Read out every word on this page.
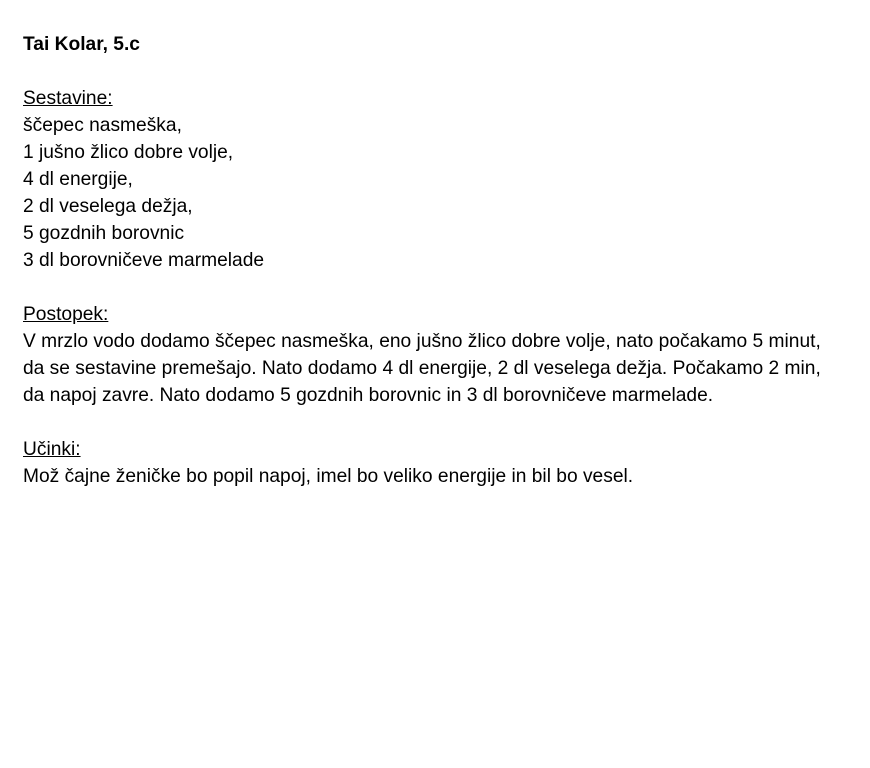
Tai Kolar, 5.c

Sestavine:

ščepec nasmeška,

1 jušno žlico dobre volje,

4 dl energije,

2 dl veselega dežja,

5 gozdnih borovnic

3 dl borovničeve marmelade

Postopek:

V mrzlo vodo dodamo ščepec nasmeška, eno jušno žlico dobre volje, nato počakamo 5 minut,

da se sestavine premešajo. Nato dodamo 4 dl energije, 2 dl veselega dežja. Počakamo 2 min,

da napoj zavre. Nato dodamo 5 gozdnih borovnic in 3 dl borovničeve marmelade.

Učinki:

Mož čajne ženičke bo popil napoj, imel bo veliko energije in bil bo vesel.
